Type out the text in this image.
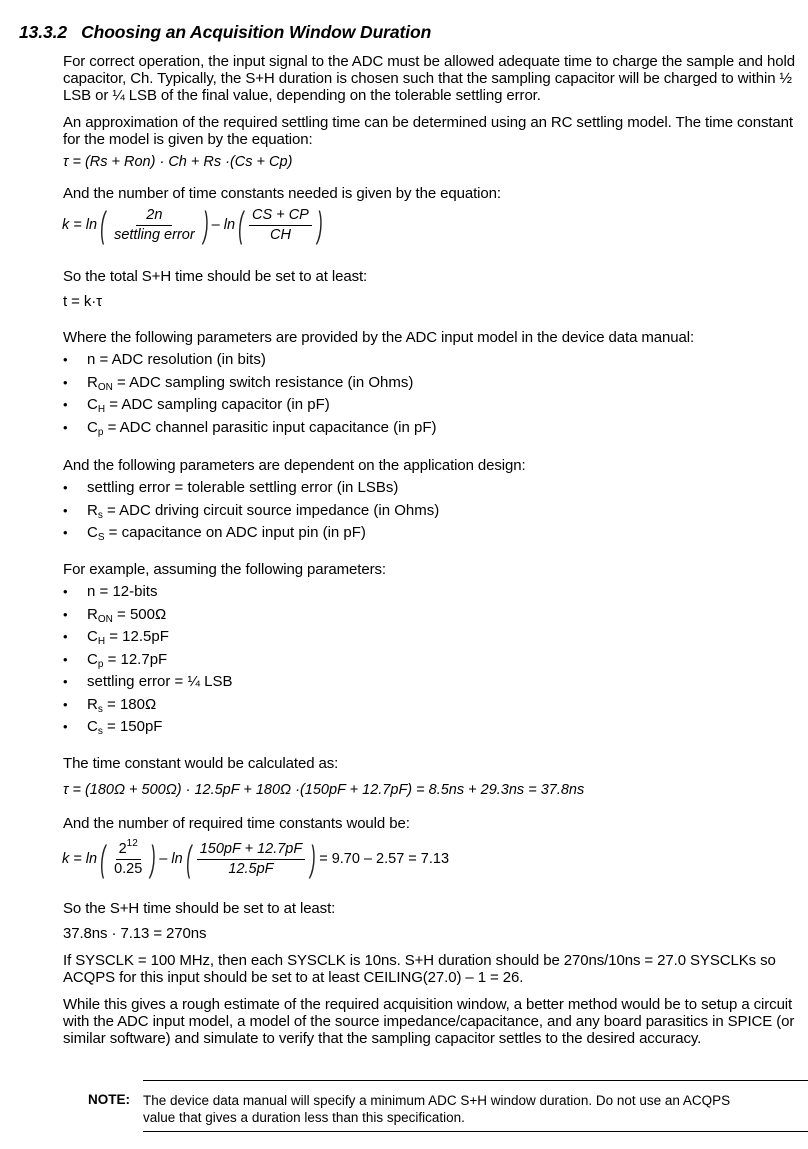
13.3.2 Choosing an Acquisition Window Duration
For correct operation, the input signal to the ADC must be allowed adequate time to charge the sample and hold capacitor, Ch. Typically, the S+H duration is chosen such that the sampling capacitor will be charged to within ½ LSB or ¼ LSB of the final value, depending on the tolerable settling error.
An approximation of the required settling time can be determined using an RC settling model. The time constant for the model is given by the equation:
τ = (Rs + Ron) · Ch + Rs ·(Cs + Cp)
And the number of time constants needed is given by the equation:
k = ln ( $\frac{2n}{\text{settling error}}$ ) – ln ( $\frac{CS + CP}{CH}$ )
So the total S+H time should be set to at least:
t = k·τ
Where the following parameters are provided by the ADC input model in the device data manual:
• n = ADC resolution (in bits)
• $R_{ON}$ = ADC sampling switch resistance (in Ohms)
• $C_H$ = ADC sampling capacitor (in pF)
• $C_p$ = ADC channel parasitic input capacitance (in pF)
And the following parameters are dependent on the application design:
• settling error = tolerable settling error (in LSBs)
• $R_s$ = ADC driving circuit source impedance (in Ohms)
• $C_S$ = capacitance on ADC input pin (in pF)
For example, assuming the following parameters:
• n = 12-bits
• $R_{ON} = 500\Omega$
• $C_H = 12.5pF$
• $C_p = 12.7pF$
• settling error = ¼ LSB
• $R_s = 180\Omega$
• $C_s = 150pF$
The time constant would be calculated as:
τ = (180Ω + 500Ω) · 12.5pF + 180Ω ·(150pF + 12.7pF) = 8.5ns + 29.3ns = 37.8ns
And the number of required time constants would be:
k = ln ( $\frac{2^{12}}{0.25}$ ) – ln ( $\frac{150pF + 12.7pF}{12.5pF}$ ) = 9.70 – 2.57 = 7.13
So the S+H time should be set to at least:
37.8ns · 7.13 = 270ns
If SYSCLK = 100 MHz, then each SYSCLK is 10ns. S+H duration should be 270ns/10ns = 27.0 SYSCLKs so ACQPS for this input should be set to at least CEILING(27.0) – 1 = 26.
While this gives a rough estimate of the required acquisition window, a better method would be to setup a circuit with the ADC input model, a model of the source impedance/capacitance, and any board parasitics in SPICE (or similar software) and simulate to verify that the sampling capacitor settles to the desired accuracy.
NOTE: The device data manual will specify a minimum ADC S+H window duration. Do not use an ACQPS value that gives a duration less than this specification.
